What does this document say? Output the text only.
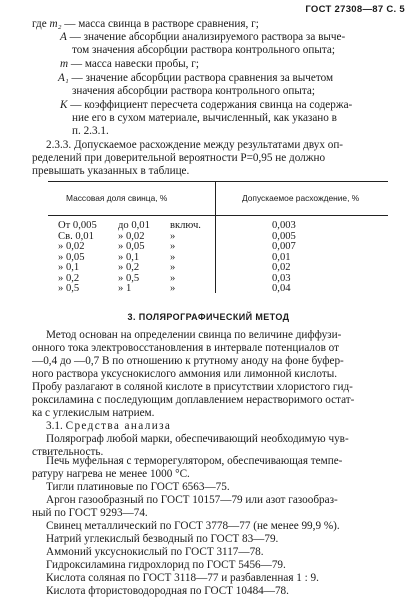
ГОСТ 27308—87 С. 5
где m₂ — масса свинца в растворе сравнения, г;
A — значение абсорбции анализируемого раствора за выче-
том значения абсорбции раствора контрольного опыта;
m — масса навески пробы, г;
A₁ — значение абсорбции раствора сравнения за вычетом
значения абсорбции раствора контрольного опыта;
K — коэффициент пересчета содержания свинца на содержа-
ние его в сухом материале, вычисленный, как указано в
п. 2.3.1.
2.3.3. Допускаемое расхождение между результатами двух оп-
ределений при доверительной вероятности P=0,95 не должно
превышать указанных в таблице.
Массовая доля свинца, %	Допускаемое расхождение, %
От 0,005 до 0,01 включ.	0,003
Св. 0,01 » 0,02 »	0,005
» 0,02	» 0,05 »	0,007
» 0,05	» 0,1	»	0,01
» 0,1	» 0,2	»	0,02
» 0,2	» 0,5	»	0,03
» 0,5	» 1	»	0,04
3. ПОЛЯРОГРАФИЧЕСКИЙ МЕТОД
Метод основан на определении свинца по величине диффузи-
онного тока электровосстановления в интервале потенциалов от
—0,4 до —0,7 В по отношению к ртутному аноду на фоне буфер-
ного раствора уксуснокислого аммония или лимонной кислоты.
Пробу разлагают в соляной кислоте в присутствии хлористого гид-
роксиламина с последующим доплавлением нерастворимого остат-
ка с углекислым натрием.
3.1. Средства анализа
Полярограф любой марки, обеспечивающий необходимую чув-
ствительность.
Печь муфельная с терморегулятором, обеспечивающая темпе-
ратуру нагрева не менее 1000 °С.
Тигли платиновые по ГОСТ 6563—75.
Аргон газообразный по ГОСТ 10157—79 или азот газообраз-
ный по ГОСТ 9293—74.
Свинец металлический по ГОСТ 3778—77 (не менее 99,9 %).
Натрий углекислый безводный по ГОСТ 83—79.
Аммоний уксуснокислый по ГОСТ 3117—78.
Гидроксиламина гидрохлорид по ГОСТ 5456—79.
Кислота соляная по ГОСТ 3118—77 и разбавленная 1 : 9.
Кислота фтористоводородная по ГОСТ 10484—78.
